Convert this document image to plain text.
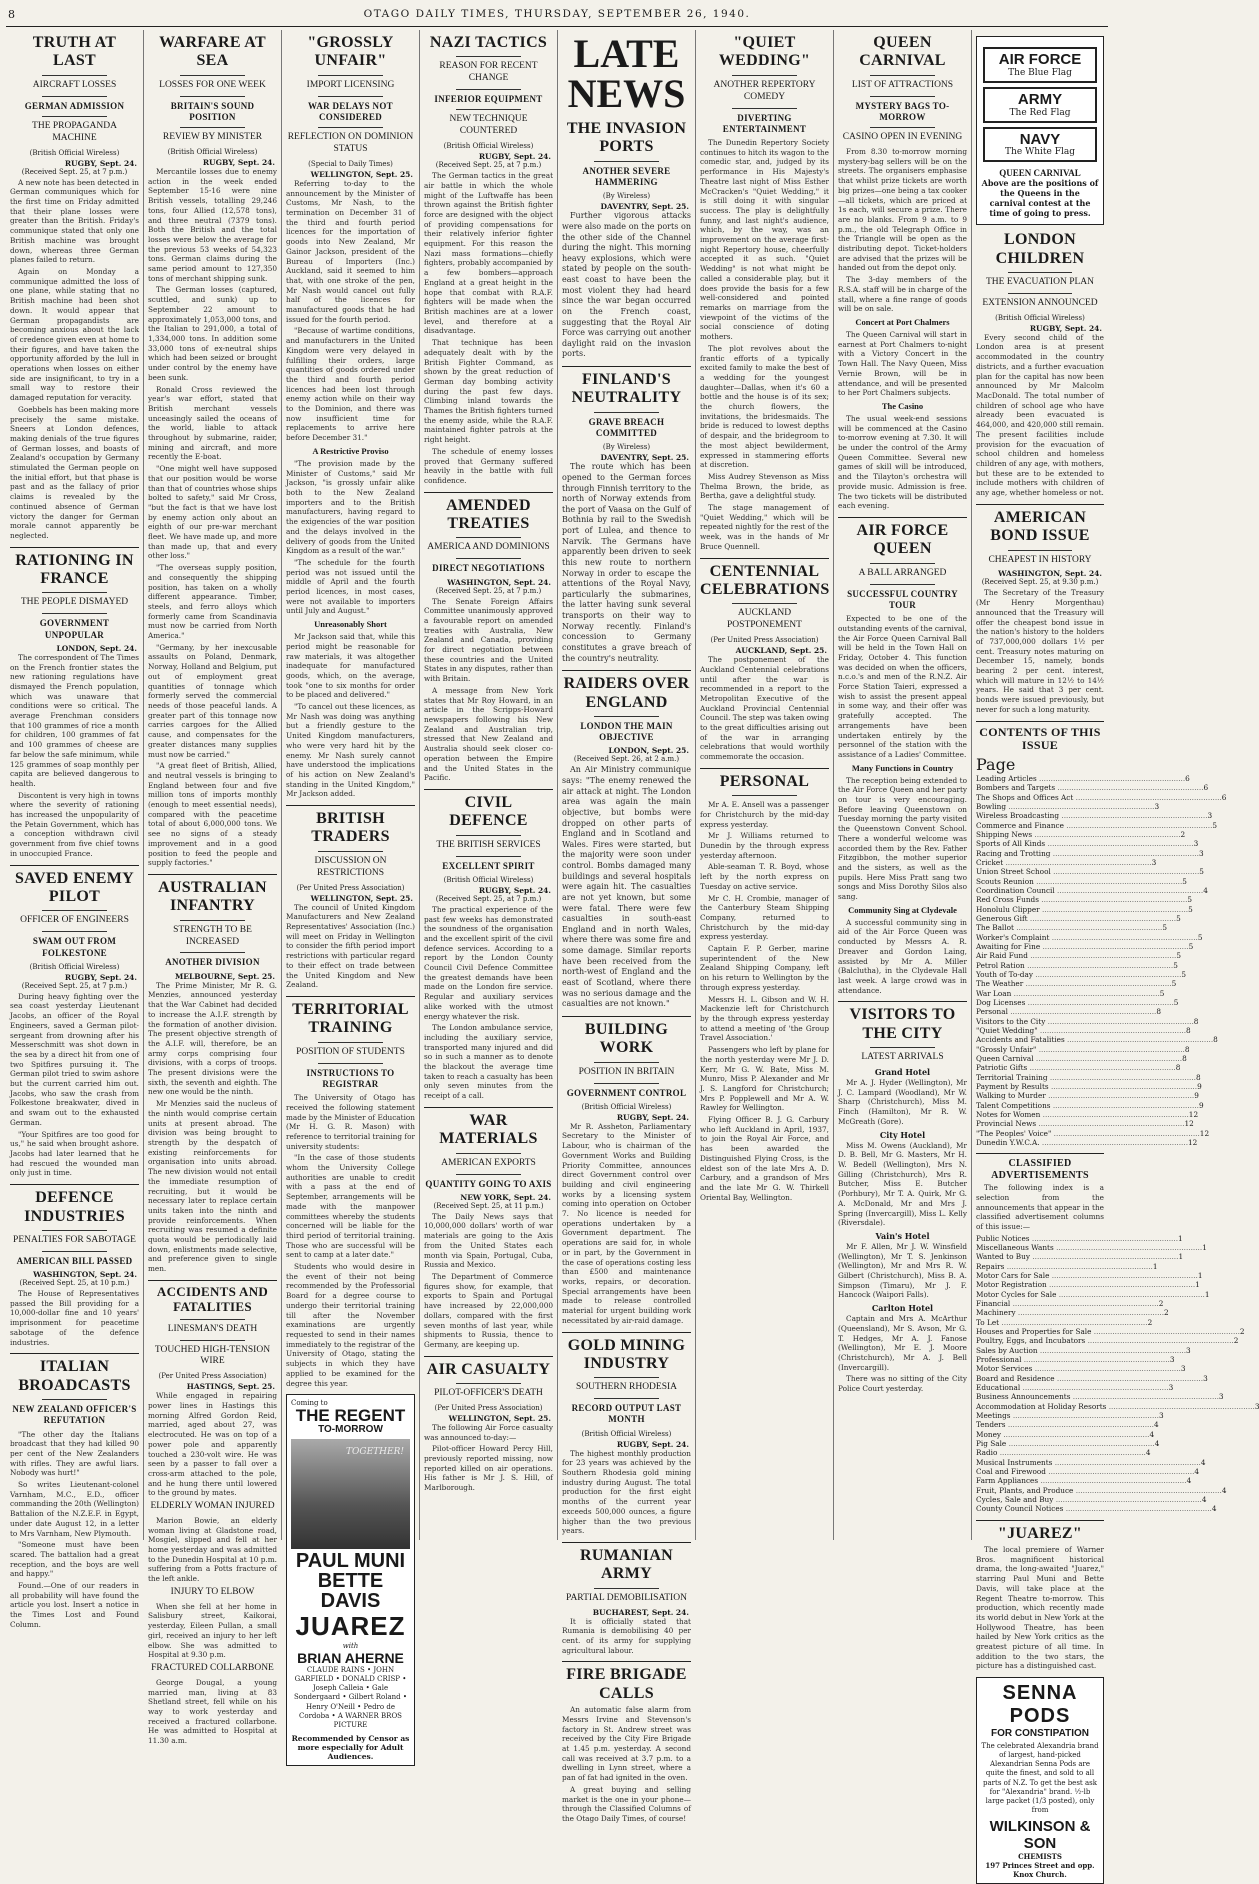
8	OTAGO DAILY TIMES, THURSDAY, SEPTEMBER 26, 1940.
TRUTH AT LAST
AIRCRAFT LOSSES
GERMAN ADMISSION
THE PROPAGANDA MACHINE
(British Official Wireless)
RUGBY, Sept. 24.
(Received Sept. 25, at 7 p.m.)

A new note has been detected in German communiques which for the first time on Friday admitted that their plane losses were greater than the British. Friday's communique stated that only one British machine was brought down, whereas three German planes failed to return.

Again on Monday a communique admitted the loss of one plane, while stating that no British machine had been shot down. It would appear that German propagandists are becoming anxious about the lack of credence given even at home to their figures, and have taken the opportunity afforded by the lull in operations when losses on either side are insignificant, to try in a small way to restore their damaged reputation for veracity.

Goebbels has been making more precisely the same mistake. Sneers at London defences, making denials of the true figures of German losses, and boasts of Zealand's occupation by Germany stimulated the German people on the initial effort, but that phase is past and as the fallacy of prior claims is revealed by the continued absence of German victory the danger for German morale cannot apparently be neglected.

RATIONING IN FRANCE
THE PEOPLE DISMAYED
GOVERNMENT UNPOPULAR
LONDON, Sept. 24.

The correspondent of The Times on the French frontier states the new rationing regulations have dismayed the French population, which was unaware that conditions were so critical. The average Frenchman considers that 100 grammes of rice a month for children, 100 grammes of fat and 100 grammes of cheese are far below the safe minimum, while 125 grammes of soap monthly per capita are believed dangerous to health.

Discontent is very high in towns where the severity of rationing has increased the unpopularity of the Petain Government, which has a conception withdrawn civil government from five chief towns in unoccupied France.

SAVED ENEMY PILOT
OFFICER OF ENGINEERS
SWAM OUT FROM FOLKESTONE
(British Official Wireless)
RUGBY, Sept. 24.
(Received Sept. 25, at 7 p.m.)

During heavy fighting over the sea coast yesterday Lieutenant Jacobs, an officer of the Royal Engineers, saved a German pilot-sergeant from drowning after his Messerschmitt was shot down in the sea by a direct hit from one of two Spitfires pursuing it. The German pilot tried to swim ashore but the current carried him out. Jacobs, who saw the crash from Folkestone breakwater, dived in and swam out to the exhausted German.

"Your Spitfires are too good for us," he said when brought ashore. Jacobs had later learned that he had rescued the wounded man only just in time.

DEFENCE INDUSTRIES
PENALTIES FOR SABOTAGE
AMERICAN BILL PASSED
WASHINGTON, Sept. 24.
(Received Sept. 25, at 10 p.m.)

The House of Representatives passed the Bill providing for a 10,000-dollar fine and 10 years' imprisonment for peacetime sabotage of the defence industries.

ITALIAN BROADCASTS
NEW ZEALAND OFFICER'S REFUTATION

"The other day the Italians broadcast that they had killed 90 per cent of the New Zealanders with rifles. They are awful liars. Nobody was hurt!"

So writes Lieutenant-colonel Varnham, M.C., E.D., officer commanding the 20th (Wellington) Battalion of the N.Z.E.F. in Egypt, under date August 12, in a letter to Mrs Varnham, New Plymouth.

"Someone must have been scared. The battalion had a great reception, and the boys are well and happy."

Found.—One of our readers in all probability will have found the article you lost. Insert a notice in the Times Lost and Found Column.

WARFARE AT SEA
LOSSES FOR ONE WEEK
BRITAIN'S SOUND POSITION
REVIEW BY MINISTER
(British Official Wireless)
RUGBY, Sept. 24.

Mercantile losses due to enemy action in the week ended September 15-16 were nine British vessels, totalling 29,246 tons, four Allied (12,578 tons), and three neutral (7379 tons). Both the British and the total losses were below the average for the previous 53 weeks of 54,323 tons. German claims during the same period amount to 127,350 tons of merchant shipping sunk.

The German losses (captured, scuttled, and sunk) up to September 22 amount to approximately 1,053,000 tons, and the Italian to 291,000, a total of 1,334,000 tons. In addition some 33,000 tons of ex-neutral ships which had been seized or brought under control by the enemy have been sunk.

Ronald Cross reviewed the year's war effort, stated that British merchant vessels unceasingly sailed the oceans of the world, liable to attack throughout by submarine, raider, mining and aircraft, and more recently the E-boat.

"One might well have supposed that our position would be worse than that of countries whose ships bolted to safety," said Mr Cross, "but the fact is that we have lost by enemy action only about an eighth of our pre-war merchant fleet. We have made up, and more than made up, that and every other loss."

"The overseas supply position, and consequently the shipping position, has taken on a wholly different appearance. Timber, steels, and ferro alloys which formerly came from Scandinavia must now be carried from North America."

"Germany, by her inexcusable assaults on Poland, Denmark, Norway, Holland and Belgium, put out of employment great quantities of tonnage which formerly served the commercial needs of those peaceful lands. A greater part of this tonnage now carries cargoes for the Allied cause, and compensates for the greater distances many supplies must now be carried."

"A great fleet of British, Allied, and neutral vessels is bringing to England between four and five million tons of imports monthly (enough to meet essential needs), compared with the peacetime total of about 6,000,000 tons. We see no signs of a steady improvement and in a good position to feed the people and supply factories."

AUSTRALIAN INFANTRY
STRENGTH TO BE INCREASED
ANOTHER DIVISION
MELBOURNE, Sept. 25.

The Prime Minister, Mr R. G. Menzies, announced yesterday that the War Cabinet had decided to increase the A.I.F. strength by the formation of another division. The present objective strength of the A.I.F. will, therefore, be an army corps comprising four divisions, with a corps of troops. The present divisions were the sixth, the seventh and eighth. The new one would be the ninth.

Mr Menzies said the nucleus of the ninth would comprise certain units at present abroad. The division was being brought to strength by the despatch of existing reinforcements for organisation into units abroad. The new division would not entail the immediate resumption of recruiting, but it would be necessary later to replace certain units taken into the ninth and provide reinforcements. When recruiting was resumed a definite quota would be periodically laid down, enlistments made selective, and preference given to single men.

ACCIDENTS AND FATALITIES
LINESMAN'S DEATH
TOUCHED HIGH-TENSION WIRE
(Per United Press Association)
HASTINGS, Sept. 25.

While engaged in repairing power lines in Hastings this morning Alfred Gordon Reid, married, aged about 27, was electrocuted. He was on top of a power pole and apparently touched a 230-volt wire. He was seen by a passer to fall over a cross-arm attached to the pole, and he hung there until lowered to the ground by mates.

ELDERLY WOMAN INJURED

Marion Bowie, an elderly woman living at Gladstone road, Mosgiel, slipped and fell at her home yesterday and was admitted to the Dunedin Hospital at 10 p.m. suffering from a Potts fracture of the left ankle.

INJURY TO ELBOW

When she fell at her home in Salisbury street, Kaikorai, yesterday, Eileen Pullan, a small girl, received an injury to her left elbow. She was admitted to Hospital at 9.30 p.m.

FRACTURED COLLARBONE

George Dougal, a young married man, living at 83 Shetland street, fell while on his way to work yesterday and received a fractured collarbone. He was admitted to Hospital at 11.30 a.m.

"GROSSLY UNFAIR"
IMPORT LICENSING
WAR DELAYS NOT CONSIDERED
REFLECTION ON DOMINION STATUS
(Special to Daily Times)
WELLINGTON, Sept. 25.

Referring to-day to the announcement by the Minister of Customs, Mr Nash, to the termination on December 31 of the third and fourth period licences for the importation of goods into New Zealand, Mr Gainor Jackson, president of the Bureau of Importers (Inc.) Auckland, said it seemed to him that, with one stroke of the pen, Mr Nash would cancel out fully half of the licences for manufactured goods that he had issued for the fourth period.

"Because of wartime conditions, and manufacturers in the United Kingdom were very delayed in fulfilling their orders, large quantities of goods ordered under the third and fourth period licences had been lost through enemy action while on their way to the Dominion, and there was now insufficient time for replacements to arrive here before December 31."

A Restrictive Proviso

"The provision made by the Minister of Customs," said Mr Jackson, "is grossly unfair alike both to the New Zealand importers and to the British manufacturers, having regard to the exigencies of the war position and the delays involved in the delivery of goods from the United Kingdom as a result of the war."

"The schedule for the fourth period was not issued until the middle of April and the fourth period licences, in most cases, were not available to importers until July and August."

Unreasonably Short

Mr Jackson said that, while this period might be reasonable for raw materials, it was altogether inadequate for manufactured goods, which, on the average, took "one to six months for order to be placed and delivered."

"To cancel out these licences, as Mr Nash was doing was anything but a friendly gesture to the United Kingdom manufacturers, who were very hard hit by the enemy. Mr Nash surely cannot have understood the implications of his action on New Zealand's standing in the United Kingdom," Mr Jackson added.

BRITISH TRADERS
DISCUSSION ON RESTRICTIONS
(Per United Press Association)
WELLINGTON, Sept. 25.

The council of United Kingdom Manufacturers and New Zealand Representatives' Association (Inc.) will meet on Friday in Wellington to consider the fifth period import restrictions with particular regard to their effect on trade between the United Kingdom and New Zealand.

TERRITORIAL TRAINING
POSITION OF STUDENTS
INSTRUCTIONS TO REGISTRAR

The University of Otago has received the following statement made by the Minister of Education (Mr H. G. R. Mason) with reference to territorial training for university students:

"In the case of those students whom the University College authorities are unable to credit with a pass at the end of September, arrangements will be made with the manpower committees whereby the students concerned will be liable for the third period of territorial training. Those who are successful will be sent to camp at a later date."

Students who would desire in the event of their not being recommended by the Professorial Board for a degree course to undergo their territorial training till after the November examinations are urgently requested to send in their names immediately to the registrar of the University of Otago, stating the subjects in which they have applied to be examined for the degree this year.

Coming to
THE REGENT
TO-MORROW
TOGETHER!
PAUL MUNI BETTE DAVIS
JUAREZ
with
BRIAN AHERNE
CLAUDE RAINS • JOHN GARFIELD • DONALD CRISP • Joseph Calleia • Gale Sondergaard • Gilbert Roland • Henry O'Neill • Pedro de Cordoba • A WARNER BROS PICTURE
Recommended by Censor as more especially for Adult Audiences.
NAZI TACTICS
REASON FOR RECENT CHANGE
INFERIOR EQUIPMENT
NEW TECHNIQUE COUNTERED
(British Official Wireless)
RUGBY, Sept. 24.
(Received Sept. 25, at 7 p.m.)

The German tactics in the great air battle in which the whole might of the Luftwaffe has been thrown against the British fighter force are designed with the object of providing compensations for their relatively inferior fighter equipment. For this reason the Nazi mass formations—chiefly fighters, probably accompanied by a few bombers—approach England at a great height in the hope that combat with R.A.F. fighters will be made when the British machines are at a lower level, and therefore at a disadvantage.

That technique has been adequately dealt with by the British Fighter Command, as shown by the great reduction of German day bombing activity during the past few days. Climbing inland towards the Thames the British fighters turned the enemy aside, while the R.A.F. maintained fighter patrols at the right height.

The schedule of enemy losses proved that Germany suffered heavily in the battle with full confidence.

AMENDED TREATIES
AMERICA AND DOMINIONS
DIRECT NEGOTIATIONS
WASHINGTON, Sept. 24.
(Received Sept. 25, at 7 p.m.)

The Senate Foreign Affairs Committee unanimously approved a favourable report on amended treaties with Australia, New Zealand and Canada, providing for direct negotiation between these countries and the United States in any disputes, rather than with Britain.

A message from New York states that Mr Roy Howard, in an article in the Scripps-Howard newspapers following his New Zealand and Australian trip, stressed that New Zealand and Australia should seek closer co-operation between the Empire and the United States in the Pacific.

CIVIL DEFENCE
THE BRITISH SERVICES
EXCELLENT SPIRIT
(British Official Wireless)
RUGBY, Sept. 24.
(Received Sept. 25, at 7 p.m.)

The practical experience of the past few weeks has demonstrated the soundness of the organisation and the excellent spirit of the civil defence services. According to a report by the London County Council Civil Defence Committee the greatest demands have been made on the London fire service. Regular and auxiliary services alike worked with the utmost energy whatever the risk.

The London ambulance service, including the auxiliary service, transported many injured and did so in such a manner as to denote the blackout the average time taken to reach a casualty has been only seven minutes from the receipt of a call.

WAR MATERIALS
AMERICAN EXPORTS
QUANTITY GOING TO AXIS
NEW YORK, Sept. 24.
(Received Sept. 25, at 11 p.m.)

The Daily News says that 10,000,000 dollars' worth of war materials are going to the Axis from the United States each month via Spain, Portugal, Cuba, Russia and Mexico.

The Department of Commerce figures show, for example, that exports to Spain and Portugal have increased by 22,000,000 dollars, compared with the first seven months of last year, while shipments to Russia, thence to Germany, are keeping up.

AIR CASUALTY
PILOT-OFFICER'S DEATH
(Per United Press Association)
WELLINGTON, Sept. 25.

The following Air Force casualty was announced to-day:—

Pilot-officer Howard Percy Hill, previously reported missing, now reported killed on air operations. His father is Mr J. S. Hill, of Marlborough.

LATE NEWS
THE INVASION PORTS
ANOTHER SEVERE HAMMERING
(By Wireless)
DAVENTRY, Sept. 25.

Further vigorous attacks were also made on the ports on the other side of the Channel during the night. This morning heavy explosions, which were stated by people on the south-east coast to have been the most violent they had heard since the war began occurred on the French coast, suggesting that the Royal Air Force was carrying out another daylight raid on the invasion ports.

FINLAND'S NEUTRALITY
GRAVE BREACH COMMITTED
(By Wireless)
DAVENTRY, Sept. 25.

The route which has been opened to the German forces through Finnish territory to the north of Norway extends from the port of Vaasa on the Gulf of Bothnia by rail to the Swedish port of Lulea, and thence to Narvik. The Germans have apparently been driven to seek this new route to northern Norway in order to escape the attentions of the Royal Navy, particularly the submarines, the latter having sunk several transports on their way to Norway recently. Finland's concession to Germany constitutes a grave breach of the country's neutrality.

RAIDERS OVER ENGLAND
LONDON THE MAIN OBJECTIVE
LONDON, Sept. 25.
(Received Sept. 26, at 2 a.m.)

An Air Ministry communique says: "The enemy renewed the air attack at night. The London area was again the main objective, but bombs were dropped on other parts of England and in Scotland and Wales. Fires were started, but the majority were soon under control. Bombs damaged many buildings and several hospitals were again hit. The casualties are not yet known, but some were fatal. There were few casualties in south-east England and in north Wales, where there was some fire and some damage. Similar reports have been received from the north-west of England and the east of Scotland, where there was no serious damage and the casualties are not known."

BUILDING WORK
POSITION IN BRITAIN
GOVERNMENT CONTROL
(British Official Wireless)
RUGBY, Sept. 24.

Mr R. Assheton, Parliamentary Secretary to the Minister of Labour, who is chairman of the Government Works and Building Priority Committee, announces direct Government control over building and civil engineering works by a licensing system coming into operation on October 7. No licence is needed for operations undertaken by a Government department. The operations are said for, in whole or in part, by the Government in the case of operations costing less than £500 and maintenance works, repairs, or decoration. Special arrangements have been made to release controlled material for urgent building work necessitated by air-raid damage.

GOLD MINING INDUSTRY
SOUTHERN RHODESIA
RECORD OUTPUT LAST MONTH
(British Official Wireless)
RUGBY, Sept. 24.

The highest monthly production for 23 years was achieved by the Southern Rhodesia gold mining industry during August. The total production for the first eight months of the current year exceeds 500,000 ounces, a figure higher than the two previous years.

RUMANIAN ARMY
PARTIAL DEMOBILISATION
BUCHAREST, Sept. 24.

It is officially stated that Rumania is demobilising 40 per cent. of its army for supplying agricultural labour.

FIRE BRIGADE CALLS

An automatic false alarm from Messrs Irvine and Stevenson's factory in St. Andrew street was received by the City Fire Brigade at 1.45 p.m. yesterday. A second call was received at 3.7 p.m. to a dwelling in Lynn street, where a pan of fat had ignited in the oven.

A great buying and selling market is the one in your phone—through the Classified Columns of the Otago Daily Times, of course!

"QUIET WEDDING"
ANOTHER REPERTORY COMEDY
DIVERTING ENTERTAINMENT

The Dunedin Repertory Society continues to hitch its wagon to the comedic star, and, judged by its performance in His Majesty's Theatre last night of Miss Esther McCracken's "Quiet Wedding," it is still doing it with singular success. The play is delightfully funny, and last night's audience, which, by the way, was an improvement on the average first-night Repertory house, cheerfully accepted it as such. "Quiet Wedding" is not what might be called a considerable play, but it does provide the basis for a few well-considered and pointed remarks on marriage from the viewpoint of the victims of the social conscience of doting mothers.

The plot revolves about the frantic efforts of a typically excited family to make the best of a wedding for the youngest daughter—Dallas, when it's 60 a bottle and the house is of its sex; the church flowers, the invitations, the bridesmaids. The bride is reduced to lowest depths of despair, and the bridegroom to the most abject bewilderment, expressed in stammering efforts at discretion.

Miss Audrey Stevenson as Miss Thelma Brown, the bride, as Bertha, gave a delightful study.

The stage management of "Quiet Wedding," which will be repeated nightly for the rest of the week, was in the hands of Mr Bruce Quennell.

CENTENNIAL CELEBRATIONS
AUCKLAND POSTPONEMENT
(Per United Press Association)
AUCKLAND, Sept. 25.

The postponement of the Auckland Centennial celebrations until after the war is recommended in a report to the Metropolitan Executive of the Auckland Provincial Centennial Council. The step was taken owing to the great difficulties arising out of the war in arranging celebrations that would worthily commemorate the occasion.

PERSONAL

Mr A. E. Ansell was a passenger for Christchurch by the mid-day express yesterday.

Mr J. Williams returned to Dunedin by the through express yesterday afternoon.

Able-seaman T. R. Boyd, whose left by the north express on Tuesday on active service.

Mr C. H. Crombie, manager of the Canterbury Steam Shipping Company, returned to Christchurch by the mid-day express yesterday.

Captain F. P. Gerber, marine superintendent of the New Zealand Shipping Company, left on his return to Wellington by the through express yesterday.

Messrs H. L. Gibson and W. H. Mackenzie left for Christchurch by the through express yesterday to attend a meeting of 'the Group Travel Association.'

Passengers who left by plane for the north yesterday were Mr J. D. Kerr, Mr G. W. Bate, Miss M. Munro, Miss P. Alexander and Mr J. S. Langford for Christchurch; Mrs P. Popplewell and Mr A. W. Rawley for Wellington.

Flying Officer B. J. G. Carbury who left Auckland in April, 1937, to join the Royal Air Force, and has been awarded the Distinguished Flying Cross, is the eldest son of the late Mrs A. D. Carbury, and a grandson of Mrs and the late Mr G. W. Thirkell Oriental Bay, Wellington.

QUEEN CARNIVAL
LIST OF ATTRACTIONS
MYSTERY BAGS TO-MORROW
CASINO OPEN IN EVENING

From 8.30 to-morrow morning mystery-bag sellers will be on the streets. The organisers emphasise that whilst prize tickets are worth big prizes—one being a tax cooker—all tickets, which are priced at 1s each, will secure a prize. There are no blanks. From 9 a.m. to 9 p.m., the old Telegraph Office in the Triangle will be open as the distributing depot. Ticket-holders are advised that the prizes will be handed out from the depot only.

The 3-day members of the R.S.A. staff will be in charge of the stall, where a fine range of goods will be on sale.

Concert at Port Chalmers

The Queen Carnival will start in earnest at Port Chalmers to-night with a Victory Concert in the Town Hall. The Navy Queen, Miss Vernie Brown, will be in attendance, and will be presented to her Port Chalmers subjects.

The Casino

The usual week-end sessions will be commenced at the Casino to-morrow evening at 7.30. It will be under the control of the Army Queen Committee. Several new games of skill will be introduced, and the Tilayton's orchestra will provide music. Admission is free. The two tickets will be distributed each evening.

AIR FORCE QUEEN
A BALL ARRANGED
SUCCESSFUL COUNTRY TOUR

Expected to be one of the outstanding events of the carnival, the Air Force Queen Carnival Ball will be held in the Town Hall on Friday, October 4. This function was decided on when the officers, n.c.o.'s and men of the R.N.Z. Air Force Station Taieri, expressed a wish to assist the present appeal in some way, and their offer was gratefully accepted. The arrangements have been undertaken entirely by the personnel of the station with the assistance of a Ladies' Committee.

Many Functions in Country

The reception being extended to the Air Force Queen and her party on tour is very encouraging. Before leaving Queenstown on Tuesday morning the party visited the Queenstown Convent School. There a wonderful welcome was accorded them by the Rev. Father Fitzgibbon, the mother superior and the sisters, as well as the pupils. Here Miss Pratt sang two songs and Miss Dorothy Silos also sang.

Community Sing at Clydevale

A successful community sing in aid of the Air Force Queen was conducted by Messrs A. R. Dreaver and Gordon Laing, assisted by Mr A. Miller (Balclutha), in the Clydevale Hall last week. A large crowd was in attendance.

VISITORS TO THE CITY
LATEST ARRIVALS
Grand Hotel

Mr A. J. Hyder (Wellington), Mr J. C. Lampard (Woodland), Mr W. Sharp (Christchurch), Miss M. Finch (Hamilton), Mr R. W. McGreath (Gore).

City Hotel

Miss M. Owens (Auckland), Mr D. B. Bell, Mr G. Masters, Mr H. W. Bedell (Wellington), Mrs N. Gilling (Christchurch), Mrs R. Butcher, Miss E. Butcher (Porhbury), Mr T. A. Quirk, Mr G. A. McDonald, Mr and Mrs J. Spring (Invercargill), Miss L. Kelly (Riversdale).

Vain's Hotel

Mr F. Allen, Mr J. W. Winsfield (Wellington), Mr T. S. Jenkinson (Wellington), Mr and Mrs R. W. Gilbert (Christchurch), Miss B. A. Simpson (Timaru), Mr J. F. Hancock (Waipori Falls).

Carlton Hotel

Captain and Mrs A. McArthur (Queensland), Mr S. Avson, Mr G. T. Hedges, Mr A. J. Fanose (Wellington), Mr E. J. Moore (Christchurch), Mr A. J. Bell (Invercargill).

There was no sitting of the City Police Court yesterday.

AIR FORCE
The Blue Flag
ARMY
The Red Flag
NAVY
The White Flag
QUEEN CARNIVAL
Above are the positions of the Queens in the carnival contest at the time of going to press.
LONDON CHILDREN
THE EVACUATION PLAN
EXTENSION ANNOUNCED
(British Official Wireless)
RUGBY, Sept. 24.

Every second child of the London area is at present accommodated in the country districts, and a further evacuation plan for the capital has now been announced by Mr Malcolm MacDonald. The total number of children of school age who have already been evacuated is 464,000, and 420,000 still remain. The present facilities include provision for the evacuation of school children and homeless children of any age, with mothers, but these are to be extended to include mothers with children of any age, whether homeless or not.

AMERICAN BOND ISSUE
CHEAPEST IN HISTORY
WASHINGTON, Sept. 24.
(Received Sept. 25, at 9.30 p.m.)

The Secretary of the Treasury (Mr Henry Morgenthau) announced that the Treasury will offer the cheapest bond issue in the nation's history to the holders of 737,000,000 dollars 1½ per cent. Treasury notes maturing on December 15, namely, bonds bearing 2 per cent. interest, which will mature in 12½ to 14½ years. He said that 3 per cent. bonds were issued previously, but never for such a long maturity.

CONTENTS OF THIS ISSUE
Page
Leading Articles .....	6
Bombers and Targets .....	6
The Shops and Offices Act .....	6
Bowling .....	3
Wireless Broadcasting .....	3
Commerce and Finance .....	5
Shipping News .....	2
Sports of All Kinds .....	3
Racing and Trotting .....	3
Cricket .....	3
Union Street School .....	5
Scouts Reunion .....	5
Coordination Council .....	4
Red Cross Funds .....	5
Honolulu Clipper .....	5
Generous Gift .....	5
The Ballot .....	5
Worker's Complaint .....	5
Awaiting for Fine .....	5
Air Raid Fund .....	5
Petrol Ration .....	5
Youth of To-day .....	5
The Weather .....	5
War Loan .....	5
Dog Licenses .....	5
Personal .....	8
Visitors to the City .....	8
"Quiet Wedding" .....	8
Accidents and Fatalities .....	8
"Grossly Unfair" .....	8
Queen Carnival .....	8
Patriotic Gifts .....	8
Territorial Training .....	8
Payment by Results .....	9
Walking to Murder .....	9
Talent Competitions .....	9
Notes for Women .....	12
Provincial News .....	12
"The Peoples' Voice" .....	12
Dunedin Y.W.C.A. .....	12
CLASSIFIED ADVERTISEMENTS

The following index is a selection from the announcements that appear in the classified advertisement columns of this issue:—

Public Notices .....	1
Miscellaneous Wants .....	1
Wanted to Buy .....	1
Repairs .....	1
Motor Cars for Sale .....	1
Motor Registration .....	1
Motor Cycles for Sale .....	1
Financial .....	2
Machinery .....	2
To Let .....	2
Houses and Properties for Sale .....	2
Poultry, Eggs, and Incubators .....	2
Sales by Auction .....	3
Professional .....	3
Motor Services .....	3
Board and Residence .....	3
Educational .....	3
Business Announcements .....	3
Accommodation at Holiday Resorts .....	3
Meetings .....	3
Tenders .....	4
Money .....	4
Pig Sale .....	4
Radio .....	4
Musical Instruments .....	4
Coal and Firewood .....	4
Farm Appliances .....	4
Fruit, Plants, and Produce .....	4
Cycles, Sale and Buy .....	4
County Council Notices .....	4
"JUAREZ"

The local premiere of Warner Bros. magnificent historical drama, the long-awaited "Juarez," starring Paul Muni and Bette Davis, will take place at the Regent Theatre to-morrow. This production, which recently made its world debut in New York at the Hollywood Theatre, has been hailed by New York critics as the greatest picture of all time. In addition to the two stars, the picture has a distinguished cast.

SENNA PODS
FOR CONSTIPATION
The celebrated Alexandria brand of largest, hand-picked Alexandrian Senna Pods are quite the finest, and sold to all parts of N.Z. To get the best ask for "Alexandria" brand. ½-lb large packet (1/3 posted), only from
WILKINSON & SON
CHEMISTS
197 Princes Street and opp. Knox Church.
